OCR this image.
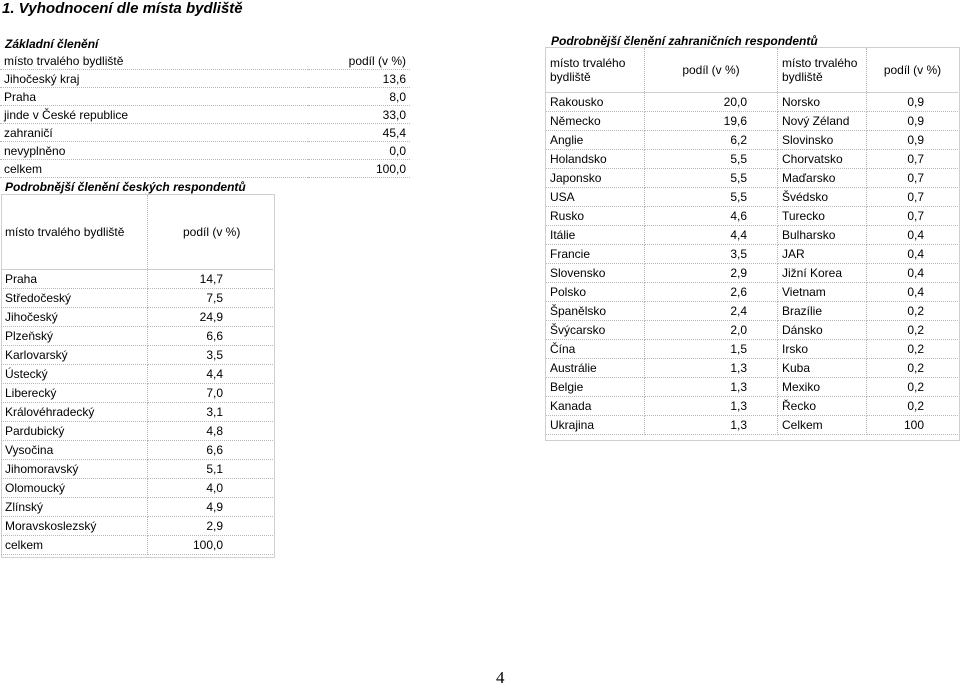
1. Vyhodnocení dle místa bydliště
Základní členění
místo trvalého bydliště	podíl (v %)
Jihočeský kraj	13,6
Praha	8,0
jinde v České republice	33,0
zahraničí	45,4
nevyplněno	0,0
celkem	100,0
Podrobnější členění českých respondentů
místo trvalého bydliště	podíl (v %)
Praha	14,7
Středočeský	7,5
Jihočeský	24,9
Plzeňský	6,6
Karlovarský	3,5
Ústecký	4,4
Liberecký	7,0
Královéhradecký	3,1
Pardubický	4,8
Vysočina	6,6
Jihomoravský	5,1
Olomoucký	4,0
Zlínský	4,9
Moravskoslezský	2,9
celkem	100,0
Podrobnější členění zahraničních respondentů
místo trvalého bydliště	podíl (v %)	místo trvalého bydliště	podíl (v %)
Rakousko	20,0	Norsko	0,9
Německo	19,6	Nový Zéland	0,9
Anglie	6,2	Slovinsko	0,9
Holandsko	5,5	Chorvatsko	0,7
Japonsko	5,5	Maďarsko	0,7
USA	5,5	Švédsko	0,7
Rusko	4,6	Turecko	0,7
Itálie	4,4	Bulharsko	0,4
Francie	3,5	JAR	0,4
Slovensko	2,9	Jižní Korea	0,4
Polsko	2,6	Vietnam	0,4
Španělsko	2,4	Brazílie	0,2
Švýcarsko	2,0	Dánsko	0,2
Čína	1,5	Irsko	0,2
Austrálie	1,3	Kuba	0,2
Belgie	1,3	Mexiko	0,2
Kanada	1,3	Řecko	0,2
Ukrajina	1,3	Celkem	100
4
